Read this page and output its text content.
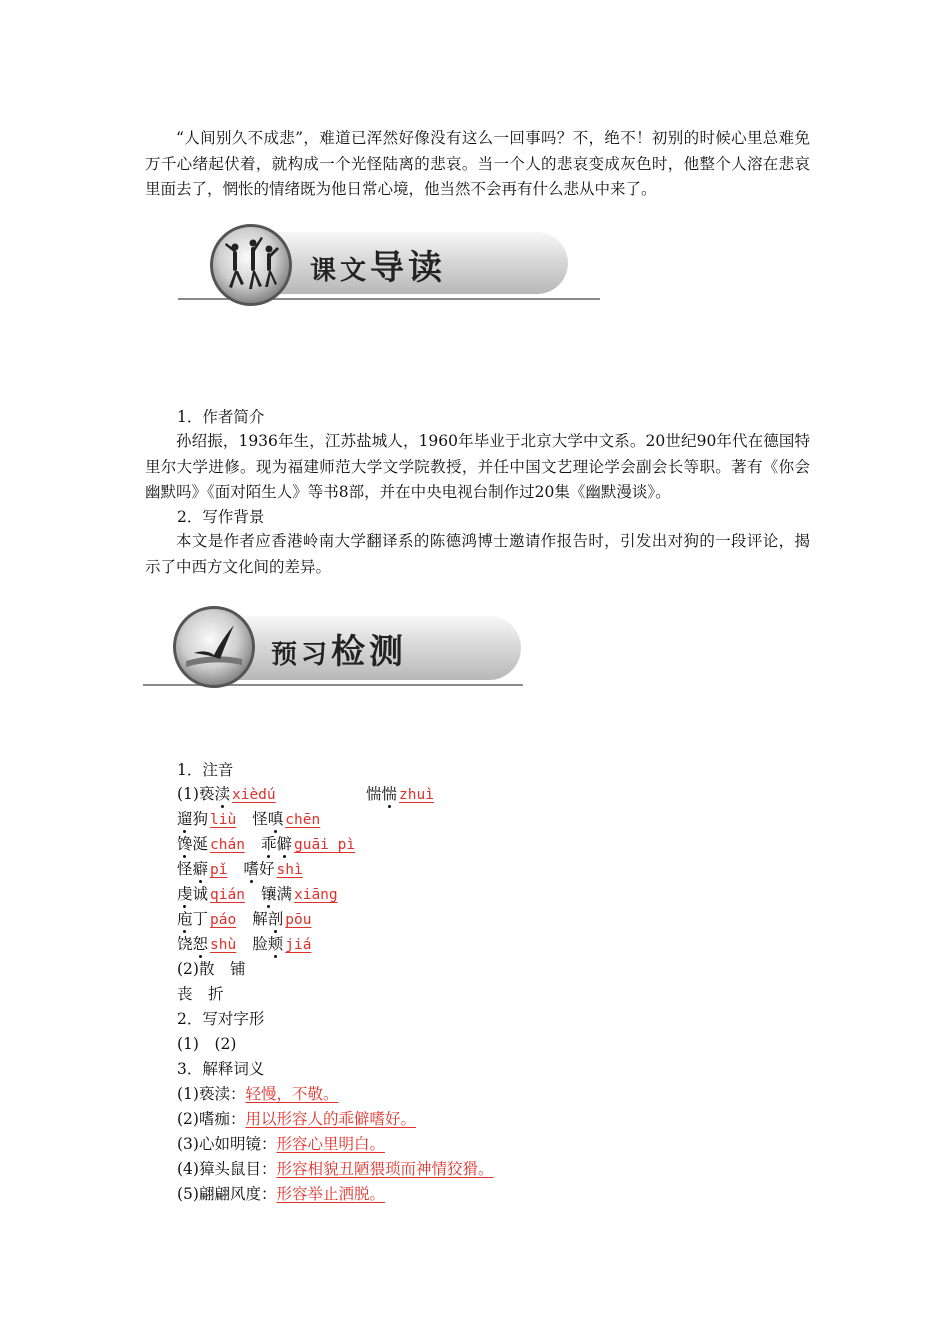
“人间别久不成悲”，难道已浑然好像没有这么一回事吗？不，绝不！初别的时候心里总难免万千心绪起伏着，就构成一个光怪陆离的悲哀。当一个人的悲哀变成灰色时，他整个人溶在悲哀里面去了，惘怅的情绪既为他日常心境，他当然不会再有什么悲从中来了。

课文导读
1．作者简介

孙绍振，1936年生，江苏盐城人，1960年毕业于北京大学中文系。20世纪90年代在德国特里尔大学进修。现为福建师范大学文学院教授，并任中国文艺理论学会副会长等职。著有《你会幽默吗》《面对陌生人》等书8部，并在中央电视台制作过20集《幽默漫谈》。

2．写作背景

本文是作者应香港岭南大学翻译系的陈德鸿博士邀请作报告时，引发出对狗的一段评论，揭示了中西方文化间的差异。

预习检测
1．注音
(1)亵渎 xièdú	惴惴 zhuì
遛狗 liù 怪嗔 chēn
馋涎 chán 乖僻 guāi pì
怪癖 pǐ 嗜好 shì
虔诚 qián 镶满 xiāng
庖丁 páo 解剖 pōu
饶恕 shù 脸颊 jiá
(2)散　铺
丧　折
2．写对字形
(1)　(2)
3．解释词义
(1)亵渎：轻慢，不敬。
(2)嗜痂：用以形容人的乖僻嗜好。
(3)心如明镜：形容心里明白。
(4)獐头鼠目：形容相貌丑陋猥琐而神情狡猾。
(5)翩翩风度：形容举止洒脱。
